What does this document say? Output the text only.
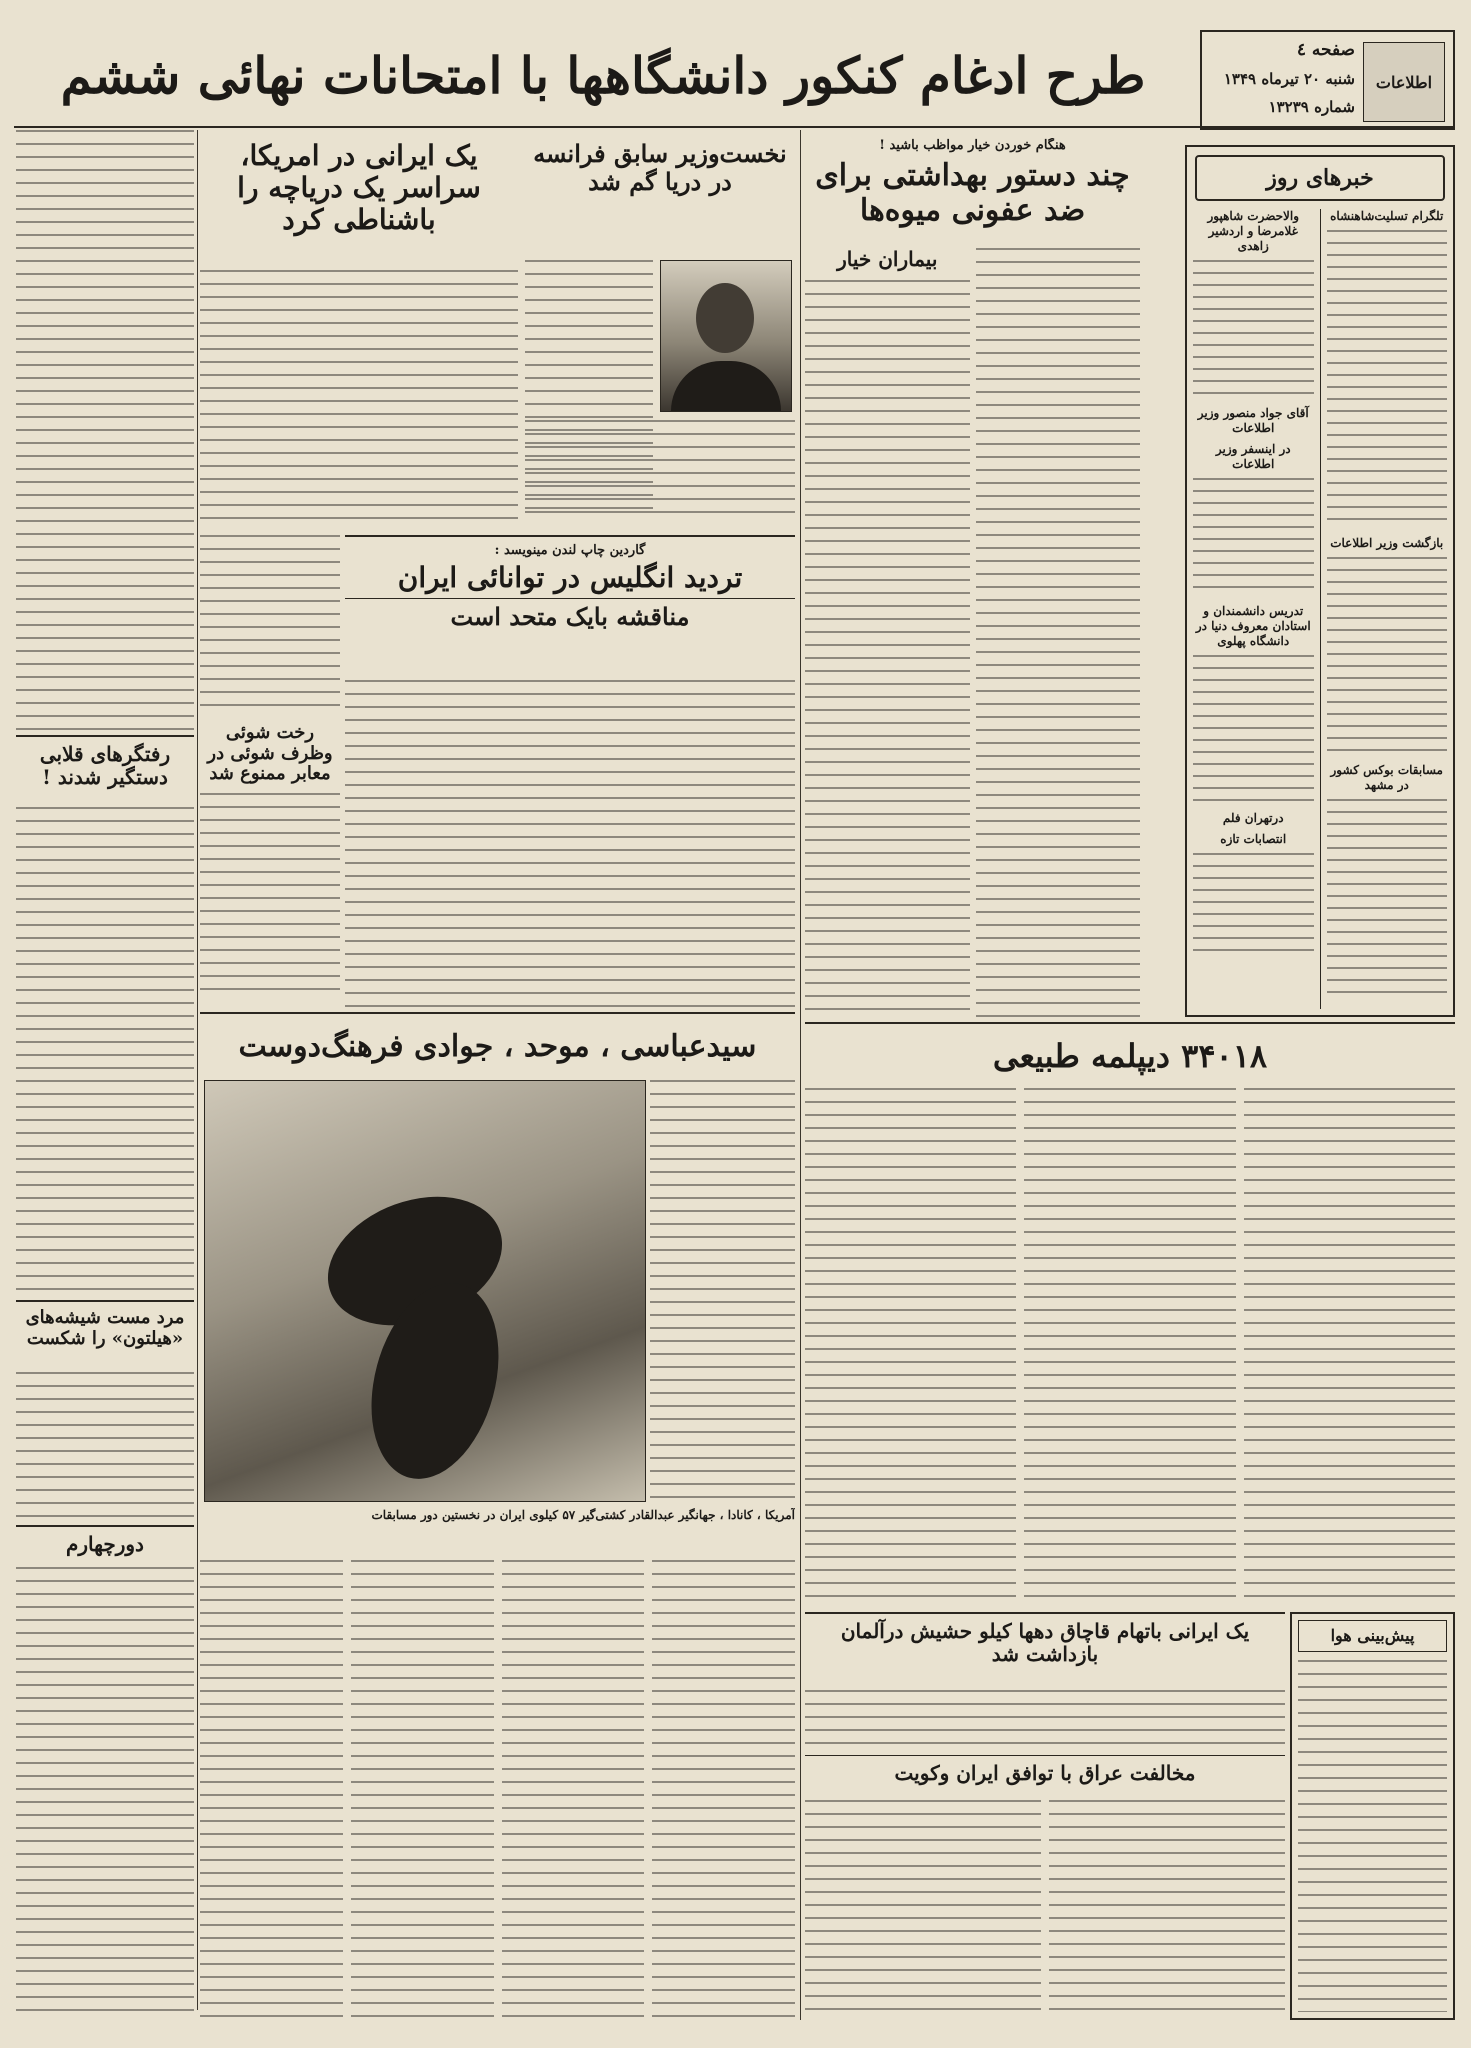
اطلاعات
صفحه ٤
شنبه ۲۰ تیرماه ۱۳۴۹
شماره ۱۳۲۳۹
طرح ادغام کنکور دانشگاهها با امتحانات نهائی ششم
خبرهای روز
تلگرام تسلیت‌شاهنشاه
بازگشت وزیر اطلاعات
مسابقات بوکس کشور در مشهد
والاحضرت شاهپور غلامرضا و اردشیر زاهدی
آقای جواد منصور وزیر اطلاعات
در اینسفر وزیر اطلاعات
تدریس دانشمندان و استادان معروف دنیا در دانشگاه پهلوی
درتهران فلم
انتصابات تازه
هنگام خوردن خیار مواظب باشید !
چند دستور بهداشتی برای ضد عفونی میوه‌ها
بیماران خیار
نخست‌وزیر سابق فرانسه در دریا گم شد
یک ایرانی در امریکا، سراسر یک دریاچه را باشناطی کرد
گاردین چاپ لندن مینویسد :
تردید انگلیس در توانائی ایران
مناقشه بایک متحد است
رخت شوئی وظرف شوئی در معابر ممنوع شد
سیدعباسی ، موحد ، جوادی فرهنگ‌دوست
آمریکا ، کانادا ، جهانگیر عبدالقادر کشتی‌گیر ۵۷ کیلوی ایران در نخستین دور مسابقات
رفتگرهای قلابی دستگیر شدند !
مرد مست شیشه‌های «هیلتون» را شکست
دورچهارم
۳۴۰۱۸ دیپلمه طبیعی
یک ایرانی باتهام قاچاق دهها کیلو حشیش درآلمان بازداشت شد
مخالفت عراق با توافق ایران وکویت
پیش‌بینی هوا
